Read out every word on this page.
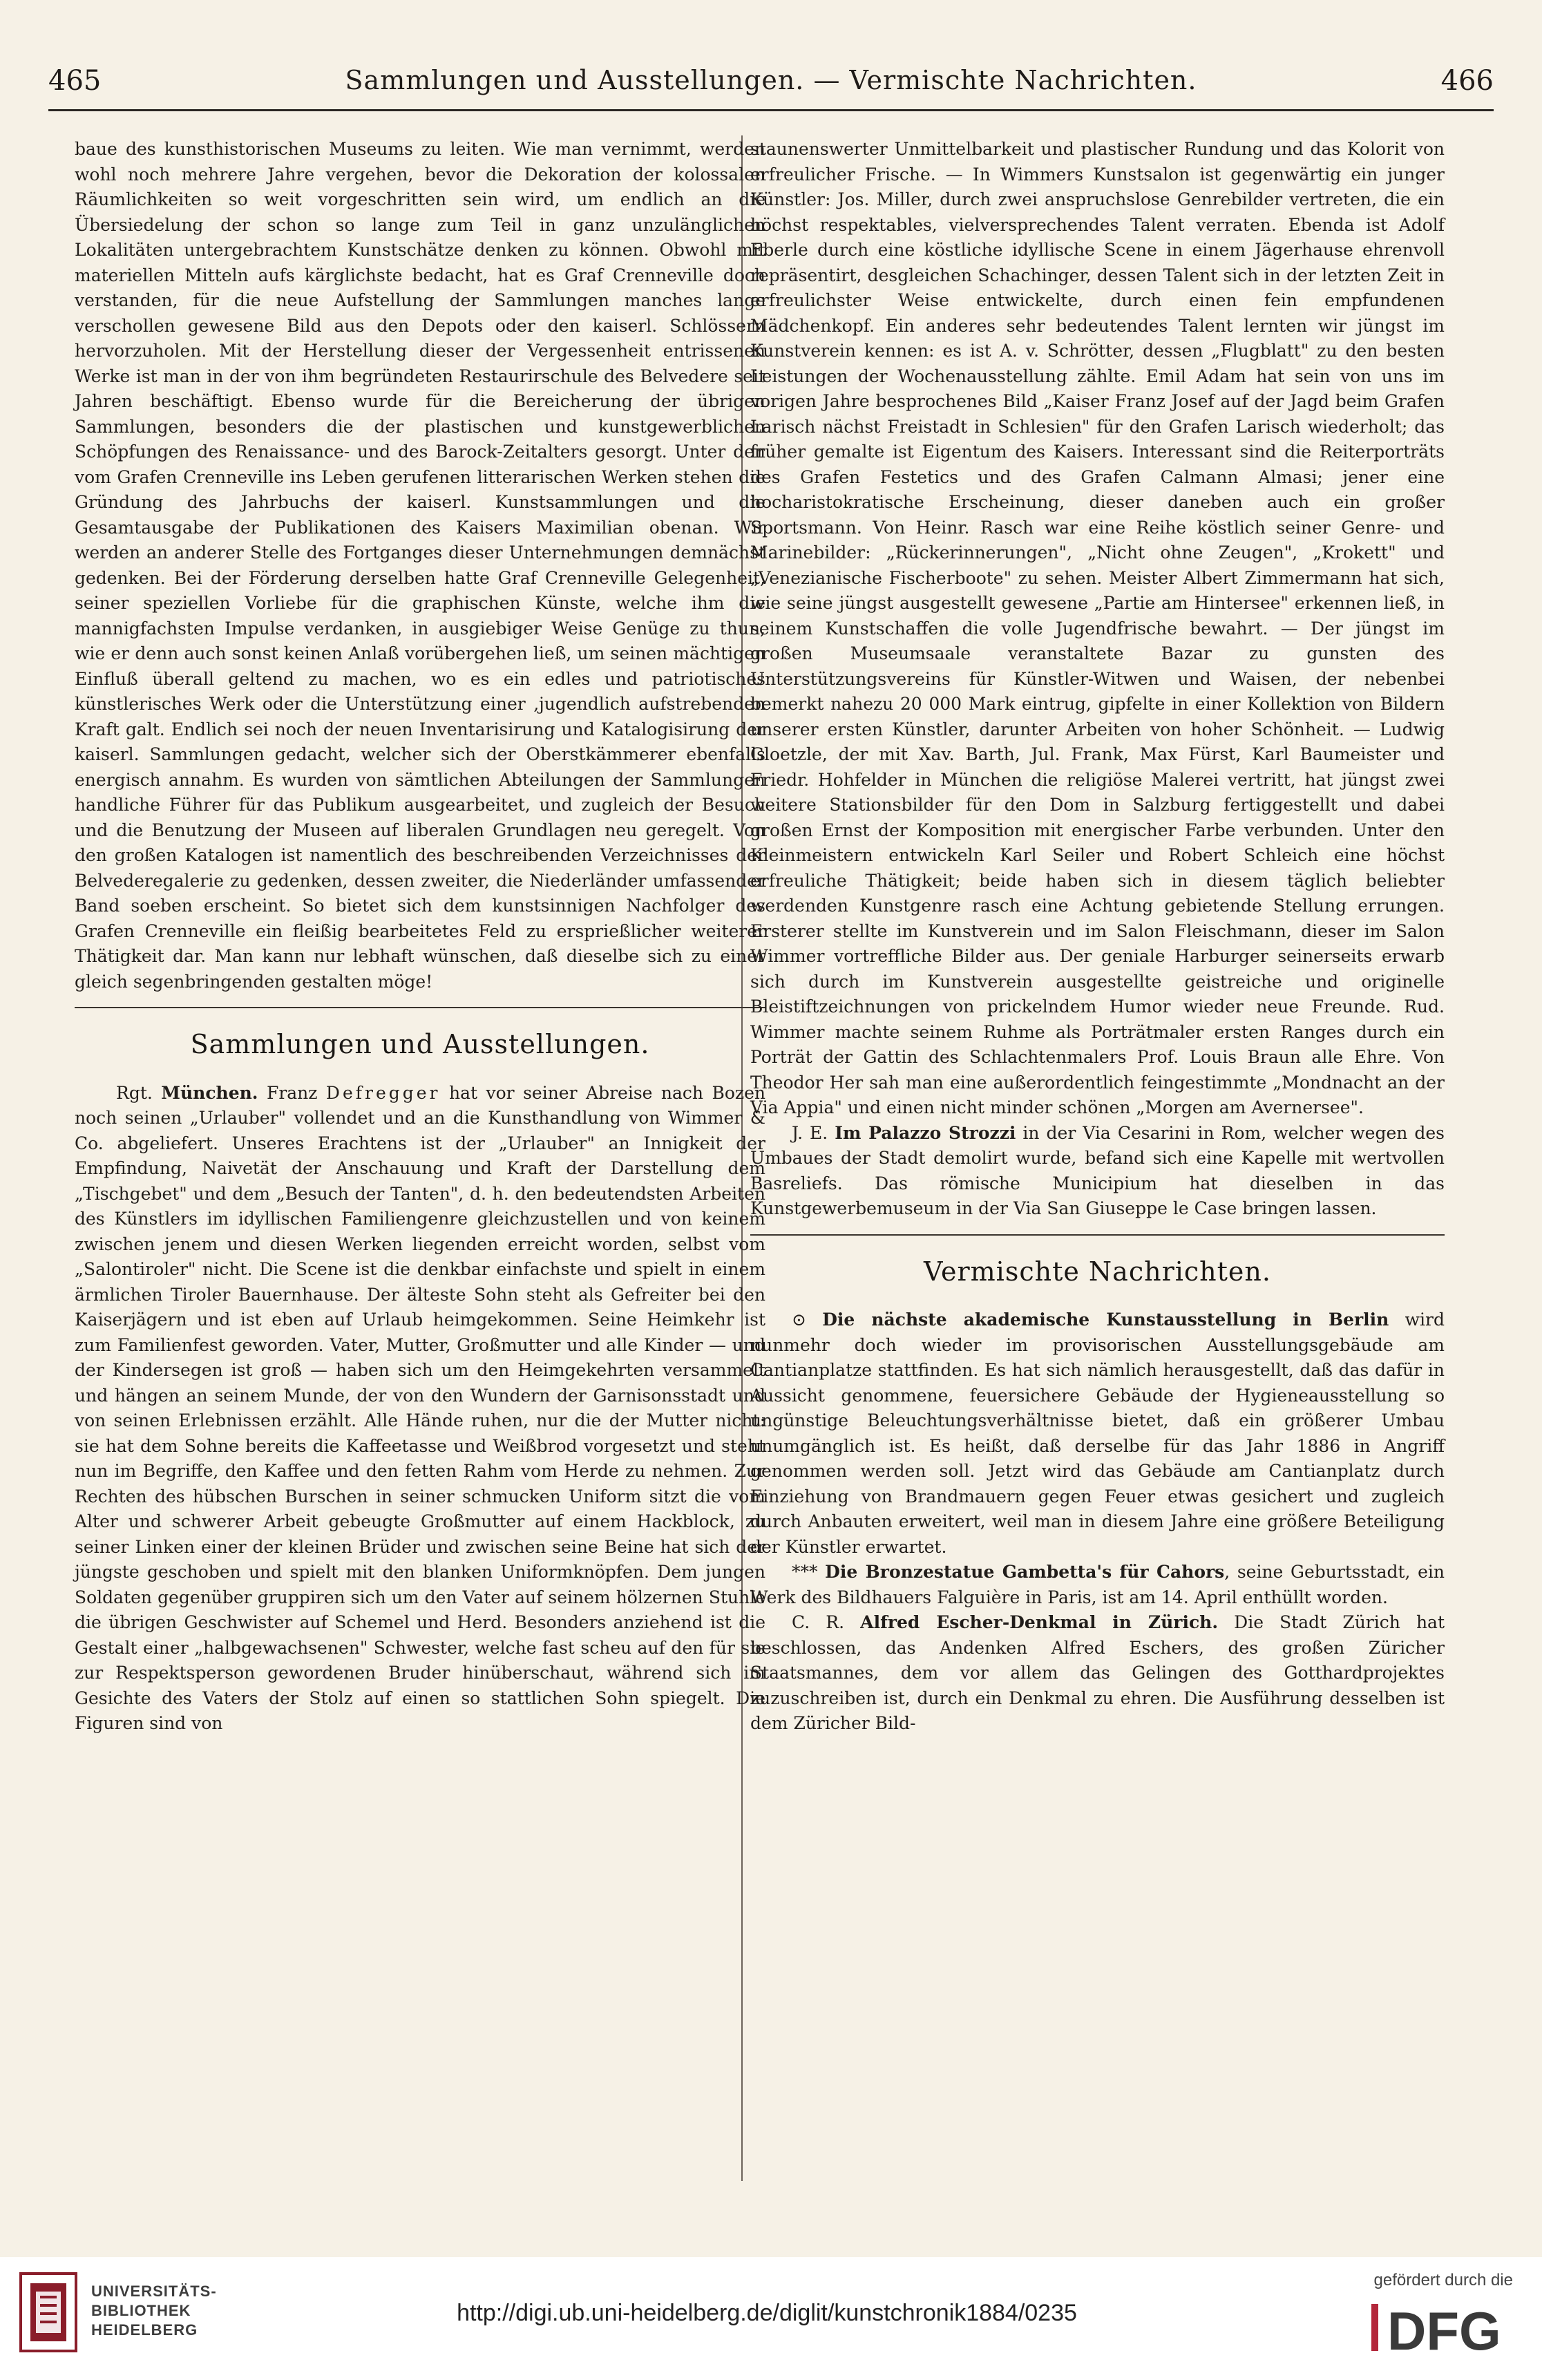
465	Sammlungen und Ausstellungen. — Vermischte Nachrichten.	466

baue des kunsthistorischen Museums zu leiten. Wie man vernimmt, werden wohl noch mehrere Jahre vergehen, bevor die Dekoration der kolossalen Räumlichkeiten so weit vorgeschritten sein wird, um endlich an die Übersiedelung der schon so lange zum Teil in ganz unzulänglichen Lokalitäten untergebrachtem Kunstschätze denken zu können. Obwohl mit materiellen Mitteln aufs kärglichste bedacht, hat es Graf Crenneville doch verstanden, für die neue Aufstellung der Sammlungen manches lange verschollen gewesene Bild aus den Depots oder den kaiserl. Schlössern hervorzuholen. Mit der Herstellung dieser der Vergessenheit entrissenen Werke ist man in der von ihm begründeten Restaurirschule des Belvedere seit Jahren beschäftigt. Ebenso wurde für die Bereicherung der übrigen Sammlungen, besonders die der plastischen und kunstgewerblichen Schöpfungen des Renaissance- und des Barock-Zeitalters gesorgt. Unter den vom Grafen Crenneville ins Leben gerufenen litterarischen Werken stehen die Gründung des Jahrbuchs der kaiserl. Kunstsammlungen und die Gesamtausgabe der Publikationen des Kaisers Maximilian obenan. Wir werden an anderer Stelle des Fortganges dieser Unternehmungen demnächst gedenken. Bei der Förderung derselben hatte Graf Crenneville Gelegenheit, seiner speziellen Vorliebe für die graphischen Künste, welche ihm die mannigfachsten Impulse verdanken, in ausgiebiger Weise Genüge zu thun, wie er denn auch sonst keinen Anlaß vorübergehen ließ, um seinen mächtigen Einfluß überall geltend zu machen, wo es ein edles und patriotisches künstlerisches Werk oder die Unterstützung einer ‚jugendlich aufstrebenden Kraft galt. Endlich sei noch der neuen Inventarisirung und Katalogisirung der kaiserl. Sammlungen gedacht, welcher sich der Oberstkämmerer ebenfalls energisch annahm. Es wurden von sämtlichen Abteilungen der Sammlungen handliche Führer für das Publikum ausgearbeitet, und zugleich der Besuch und die Benutzung der Museen auf liberalen Grundlagen neu geregelt. Von den großen Katalogen ist namentlich des beschreibenden Verzeichnisses der Belvederegalerie zu gedenken, dessen zweiter, die Niederländer umfassender Band soeben erscheint. So bietet sich dem kunstsinnigen Nachfolger des Grafen Crenneville ein fleißig bearbeitetes Feld zu ersprießlicher weiterer Thätigkeit dar. Man kann nur lebhaft wünschen, daß dieselbe sich zu einer gleich segenbringenden gestalten möge!

Sammlungen und Ausstellungen.

Rgt. München. Franz Defregger hat vor seiner Abreise nach Bozen noch seinen „Urlauber" vollendet und an die Kunsthandlung von Wimmer & Co. abgeliefert. Unseres Erachtens ist der „Urlauber" an Innigkeit der Empfindung, Naivetät der Anschauung und Kraft der Darstellung dem „Tischgebet" und dem „Besuch der Tanten", d. h. den bedeutendsten Arbeiten des Künstlers im idyllischen Familiengenre gleichzustellen und von keinem zwischen jenem und diesen Werken liegenden erreicht worden, selbst vom „Salontiroler" nicht. Die Scene ist die denkbar einfachste und spielt in einem ärmlichen Tiroler Bauernhause. Der älteste Sohn steht als Gefreiter bei den Kaiserjägern und ist eben auf Urlaub heimgekommen. Seine Heimkehr ist zum Familienfest geworden. Vater, Mutter, Großmutter und alle Kinder — und der Kindersegen ist groß — haben sich um den Heimgekehrten versammelt und hängen an seinem Munde, der von den Wundern der Garnisonsstadt und von seinen Erlebnissen erzählt. Alle Hände ruhen, nur die der Mutter nicht: sie hat dem Sohne bereits die Kaffeetasse und Weißbrod vorgesetzt und steht nun im Begriffe, den Kaffee und den fetten Rahm vom Herde zu nehmen. Zur Rechten des hübschen Burschen in seiner schmucken Uniform sitzt die vom Alter und schwerer Arbeit gebeugte Großmutter auf einem Hackblock, zu seiner Linken einer der kleinen Brüder und zwischen seine Beine hat sich der jüngste geschoben und spielt mit den blanken Uniformknöpfen. Dem jungen Soldaten gegenüber gruppiren sich um den Vater auf seinem hölzernen Stuhle die übrigen Geschwister auf Schemel und Herd. Besonders anziehend ist die Gestalt einer „halbgewachsenen" Schwester, welche fast scheu auf den für sie zur Respektsperson gewordenen Bruder hinüberschaut, während sich im Gesichte des Vaters der Stolz auf einen so stattlichen Sohn spiegelt. Die Figuren sind von

staunenswerter Unmittelbarkeit und plastischer Rundung und das Kolorit von erfreulicher Frische. — In Wimmers Kunstsalon ist gegenwärtig ein junger Künstler: Jos. Miller, durch zwei anspruchslose Genrebilder vertreten, die ein höchst respektables, vielversprechendes Talent verraten. Ebenda ist Adolf Eberle durch eine köstliche idyllische Scene in einem Jägerhause ehrenvoll repräsentirt, desgleichen Schachinger, dessen Talent sich in der letzten Zeit in erfreulichster Weise entwickelte, durch einen fein empfundenen Mädchenkopf. Ein anderes sehr bedeutendes Talent lernten wir jüngst im Kunstverein kennen: es ist A. v. Schrötter, dessen „Flugblatt" zu den besten Leistungen der Wochenausstellung zählte. Emil Adam hat sein von uns im vorigen Jahre besprochenes Bild „Kaiser Franz Josef auf der Jagd beim Grafen Larisch nächst Freistadt in Schlesien" für den Grafen Larisch wiederholt; das früher gemalte ist Eigentum des Kaisers. Interessant sind die Reiterporträts des Grafen Festetics und des Grafen Calmann Almasi; jener eine hocharistokratische Erscheinung, dieser daneben auch ein großer Sportsmann. Von Heinr. Rasch war eine Reihe köstlich seiner Genre- und Marinebilder: „Rückerinnerungen", „Nicht ohne Zeugen", „Krokett" und „Venezianische Fischerboote" zu sehen. Meister Albert Zimmermann hat sich, wie seine jüngst ausgestellt gewesene „Partie am Hintersee" erkennen ließ, in seinem Kunstschaffen die volle Jugendfrische bewahrt. — Der jüngst im großen Museumsaale veranstaltete Bazar zu gunsten des Unterstützungsvereins für Künstler-Witwen und Waisen, der nebenbei bemerkt nahezu 20 000 Mark eintrug, gipfelte in einer Kollektion von Bildern unserer ersten Künstler, darunter Arbeiten von hoher Schönheit. — Ludwig Gloetzle, der mit Xav. Barth, Jul. Frank, Max Fürst, Karl Baumeister und Friedr. Hohfelder in München die religiöse Malerei vertritt, hat jüngst zwei weitere Stationsbilder für den Dom in Salzburg fertiggestellt und dabei großen Ernst der Komposition mit energischer Farbe verbunden. Unter den Kleinmeistern entwickeln Karl Seiler und Robert Schleich eine höchst erfreuliche Thätigkeit; beide haben sich in diesem täglich beliebter werdenden Kunstgenre rasch eine Achtung gebietende Stellung errungen. Ersterer stellte im Kunstverein und im Salon Fleischmann, dieser im Salon Wimmer vortreffliche Bilder aus. Der geniale Harburger seinerseits erwarb sich durch im Kunstverein ausgestellte geistreiche und originelle Bleistiftzeichnungen von prickelndem Humor wieder neue Freunde. Rud. Wimmer machte seinem Ruhme als Porträtmaler ersten Ranges durch ein Porträt der Gattin des Schlachtenmalers Prof. Louis Braun alle Ehre. Von Theodor Her sah man eine außerordentlich feingestimmte „Mondnacht an der Via Appia" und einen nicht minder schönen „Morgen am Avernersee".

J. E. Im Palazzo Strozzi in der Via Cesarini in Rom, welcher wegen des Umbaues der Stadt demolirt wurde, befand sich eine Kapelle mit wertvollen Basreliefs. Das römische Municipium hat dieselben in das Kunstgewerbemuseum in der Via San Giuseppe le Case bringen lassen.

Vermischte Nachrichten.

⊙ Die nächste akademische Kunstausstellung in Berlin wird nunmehr doch wieder im provisorischen Ausstellungsgebäude am Cantianplatze stattfinden. Es hat sich nämlich herausgestellt, daß das dafür in Aussicht genommene, feuersichere Gebäude der Hygieneausstellung so ungünstige Beleuchtungsverhältnisse bietet, daß ein größerer Umbau unumgänglich ist. Es heißt, daß derselbe für das Jahr 1886 in Angriff genommen werden soll. Jetzt wird das Gebäude am Cantianplatz durch Einziehung von Brandmauern gegen Feuer etwas gesichert und zugleich durch Anbauten erweitert, weil man in diesem Jahre eine größere Beteiligung der Künstler erwartet.

*** Die Bronzestatue Gambetta's für Cahors, seine Geburtsstadt, ein Werk des Bildhauers Falguière in Paris, ist am 14. April enthüllt worden.

C. R. Alfred Escher-Denkmal in Zürich. Die Stadt Zürich hat beschlossen, das Andenken Alfred Eschers, des großen Züricher Staatsmannes, dem vor allem das Gelingen des Gotthardprojektes zuzuschreiben ist, durch ein Denkmal zu ehren. Die Ausführung desselben ist dem Züricher Bild-

UNIVERSITÄTS-
BIBLIOTHEK
HEIDELBERG
http://digi.ub.uni-heidelberg.de/diglit/kunstchronik1884/0235
gefördert durch die
DFG
